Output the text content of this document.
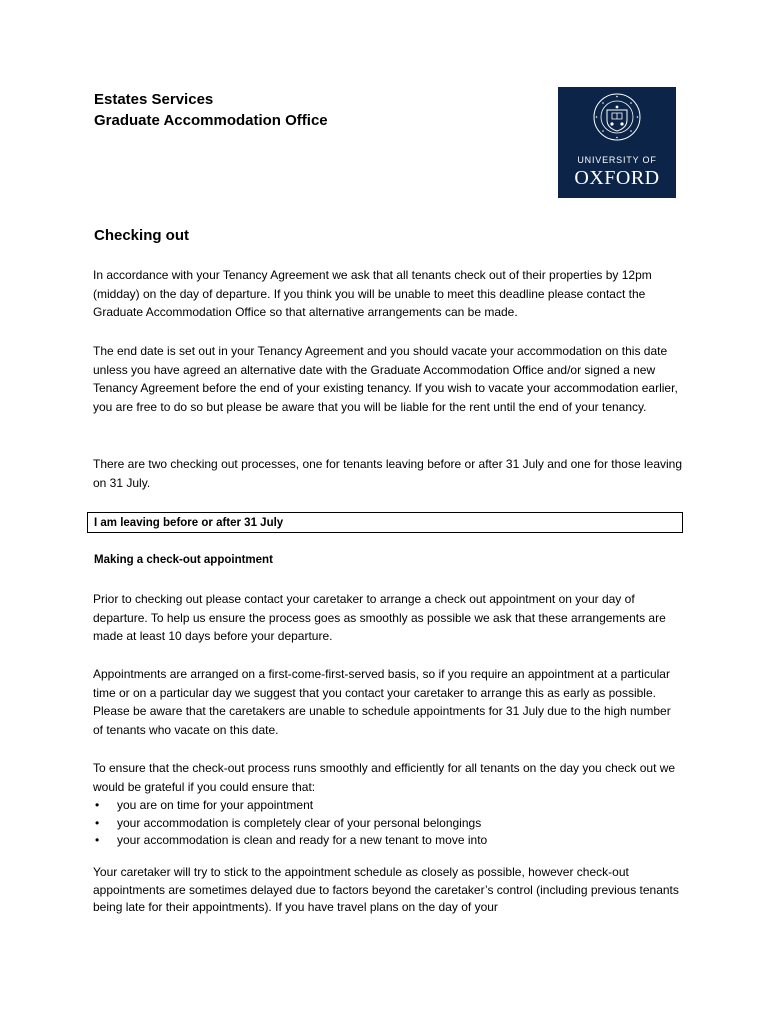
Estates Services
Graduate Accommodation Office
UNIVERSITY OF
OXFORD
Checking out

In accordance with your Tenancy Agreement we ask that all tenants check out of their properties by 12pm (midday) on the day of departure. If you think you will be unable to meet this deadline please contact the Graduate Accommodation Office so that alternative arrangements can be made.

The end date is set out in your Tenancy Agreement and you should vacate your accommodation on this date unless you have agreed an alternative date with the Graduate Accommodation Office and/or signed a new Tenancy Agreement before the end of your existing tenancy. If you wish to vacate your accommodation earlier, you are free to do so but please be aware that you will be liable for the rent until the end of your tenancy.

There are two checking out processes, one for tenants leaving before or after 31 July and one for those leaving on 31 July.

I am leaving before or after 31 July
Making a check-out appointment

Prior to checking out please contact your caretaker to arrange a check out appointment on your day of departure. To help us ensure the process goes as smoothly as possible we ask that these arrangements are made at least 10 days before your departure.

Appointments are arranged on a first-come-first-served basis, so if you require an appointment at a particular time or on a particular day we suggest that you contact your caretaker to arrange this as early as possible. Please be aware that the caretakers are unable to schedule appointments for 31 July due to the high number of tenants who vacate on this date.

To ensure that the check-out process runs smoothly and efficiently for all tenants on the day you check out we would be grateful if you could ensure that:

• you are on time for your appointment
• your accommodation is completely clear of your personal belongings
• your accommodation is clean and ready for a new tenant to move into

Your caretaker will try to stick to the appointment schedule as closely as possible, however check-out appointments are sometimes delayed due to factors beyond the caretaker’s control (including previous tenants being late for their appointments). If you have travel plans on the day of your
